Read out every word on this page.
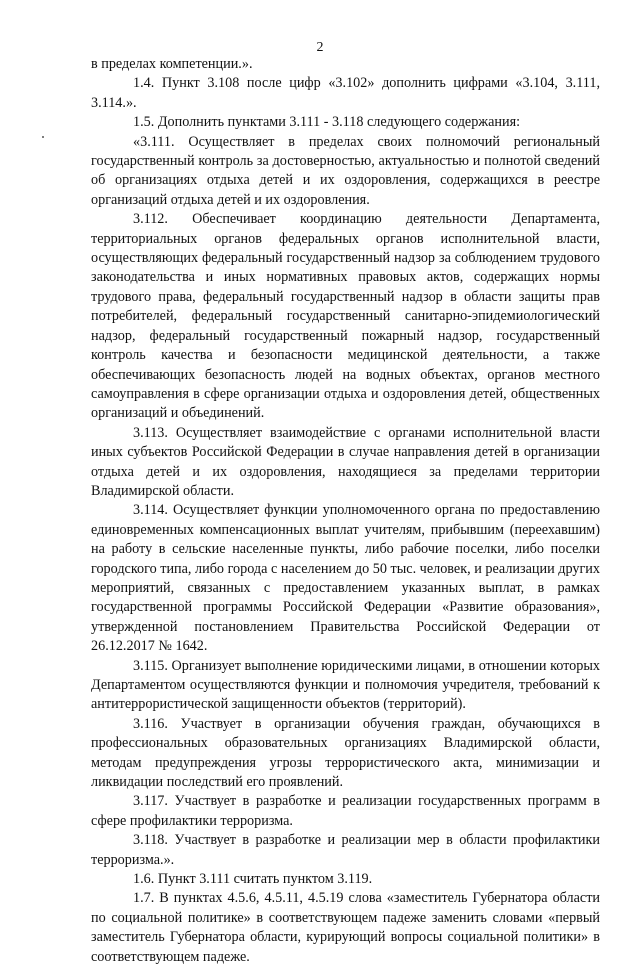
2

в пределах компетенции.».

1.4. Пункт 3.108 после цифр «3.102» дополнить цифрами «3.104, 3.111, 3.114.».

1.5. Дополнить пунктами 3.111 - 3.118 следующего содержания:

«3.111. Осуществляет в пределах своих полномочий региональный государственный контроль за достоверностью, актуальностью и полнотой сведений об организациях отдыха детей и их оздоровления, содержащихся в реестре организаций отдыха детей и их оздоровления.

3.112. Обеспечивает координацию деятельности Департамента, территориальных органов федеральных органов исполнительной власти, осуществляющих федеральный государственный надзор за соблюдением трудового законодательства и иных нормативных правовых актов, содержащих нормы трудового права, федеральный государственный надзор в области защиты прав потребителей, федеральный государственный санитарно-эпидемиологический надзор, федеральный государственный пожарный надзор, государственный контроль качества и безопасности медицинской деятельности, а также обеспечивающих безопасность людей на водных объектах, органов местного самоуправления в сфере организации отдыха и оздоровления детей, общественных организаций и объединений.

3.113. Осуществляет взаимодействие с органами исполнительной власти иных субъектов Российской Федерации в случае направления детей в организации отдыха детей и их оздоровления, находящиеся за пределами территории Владимирской области.

3.114. Осуществляет функции уполномоченного органа по предоставлению единовременных компенсационных выплат учителям, прибывшим (переехавшим) на работу в сельские населенные пункты, либо рабочие поселки, либо поселки городского типа, либо города с населением до 50 тыс. человек, и реализации других мероприятий, связанных с предоставлением указанных выплат, в рамках государственной программы Российской Федерации «Развитие образования», утвержденной постановлением Правительства Российской Федерации от 26.12.2017 № 1642.

3.115. Организует выполнение юридическими лицами, в отношении которых Департаментом осуществляются функции и полномочия учредителя, требований к антитеррористической защищенности объектов (территорий).

3.116. Участвует в организации обучения граждан, обучающихся в профессиональных образовательных организациях Владимирской области, методам предупреждения угрозы террористического акта, минимизации и ликвидации последствий его проявлений.

3.117. Участвует в разработке и реализации государственных программ в сфере профилактики терроризма.

3.118. Участвует в разработке и реализации мер в области профилактики терроризма.».

1.6. Пункт 3.111 считать пунктом 3.119.

1.7. В пунктах 4.5.6, 4.5.11, 4.5.19 слова «заместитель Губернатора области по социальной политике» в соответствующем падеже заменить словами «первый заместитель Губернатора области, курирующий вопросы социальной политики» в соответствующем падеже.
